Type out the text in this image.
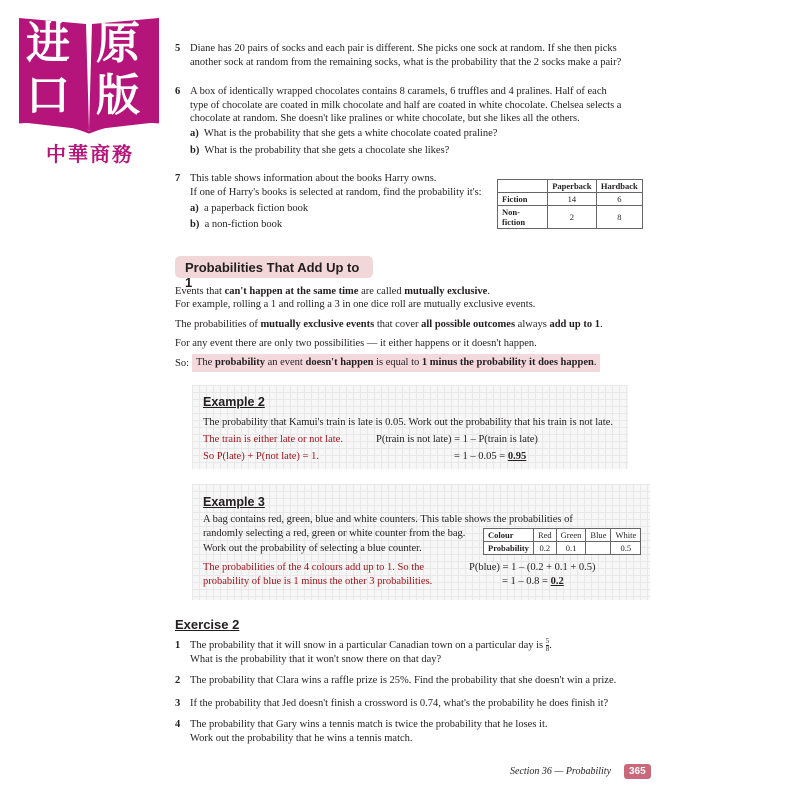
进 原
口 版
中華商務
5 Diane has 20 pairs of socks and each pair is different. She picks one sock at random. If she then picks
another sock at random from the remaining socks, what is the probability that the 2 socks make a pair?
6 A box of identically wrapped chocolates contains 8 caramels, 6 truffles and 4 pralines. Half of each
type of chocolate are coated in milk chocolate and half are coated in white chocolate. Chelsea selects a
chocolate at random. She doesn't like pralines or white chocolate, but she likes all the others.
a) What is the probability that she gets a white chocolate coated praline?
b) What is the probability that she gets a chocolate she likes?
7 This table shows information about the books Harry owns.
If one of Harry's books is selected at random, find the probability it's:
a) a paperback fiction book
b) a non-fiction book
	Paperback	Hardback
Fiction	14	6
Non-fiction	2	8
Probabilities That Add Up to 1
Events that can't happen at the same time are called mutually exclusive.
For example, rolling a 1 and rolling a 3 in one dice roll are mutually exclusive events.
The probabilities of mutually exclusive events that cover all possible outcomes always add up to 1.
For any event there are only two possibilities — it either happens or it doesn't happen.
So: The probability an event doesn't happen is equal to 1 minus the probability it does happen.
Example 2
The probability that Kamui's train is late is 0.05. Work out the probability that his train is not late.
The train is either late or not late.
So P(late) + P(not late) = 1.
P(train is not late) = 1 – P(train is late)
= 1 – 0.05 = 0.95
Example 3
A bag contains red, green, blue and white counters. This table shows the probabilities of
randomly selecting a red, green or white counter from the bag.
Work out the probability of selecting a blue counter.
Colour	Red	Green	Blue	White
Probability	0.2	0.1		0.5
The probabilities of the 4 colours add up to 1. So the
probability of blue is 1 minus the other 3 probabilities.
P(blue) = 1 – (0.2 + 0.1 + 0.5)
= 1 – 0.8 = 0.2
Exercise 2
1 The probability that it will snow in a particular Canadian town on a particular day is $\frac{5}{8}$ .
What is the probability that it won't snow there on that day?
2 The probability that Clara wins a raffle prize is 25%. Find the probability that she doesn't win a prize.
3 If the probability that Jed doesn't finish a crossword is 0.74, what's the probability he does finish it?
4 The probability that Gary wins a tennis match is twice the probability that he loses it.
Work out the probability that he wins a tennis match.
Section 36 — Probability	365
